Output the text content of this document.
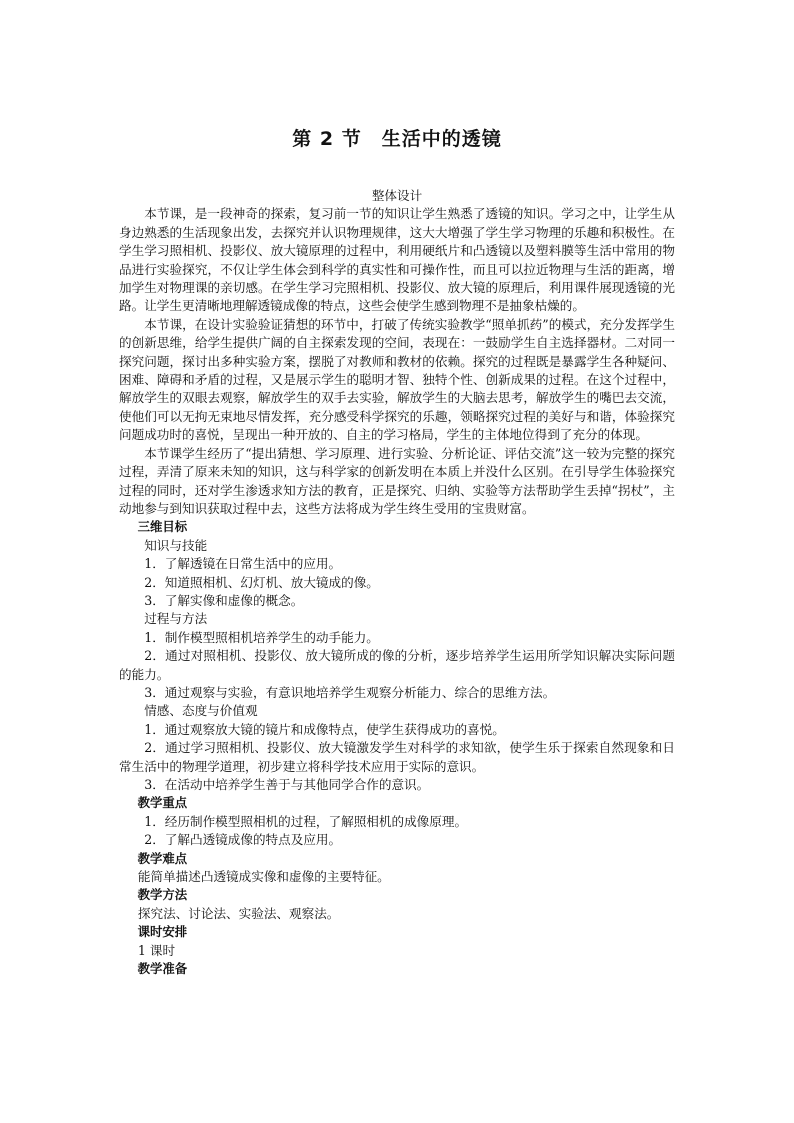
第 2 节　生活中的透镜

整体设计

本节课，是一段神奇的探索，复习前一节的知识让学生熟悉了透镜的知识。学习之中，让学生从身边熟悉的生活现象出发，去探究并认识物理规律，这大大增强了学生学习物理的乐趣和积极性。在学生学习照相机、投影仪、放大镜原理的过程中，利用硬纸片和凸透镜以及塑料膜等生活中常用的物品进行实验探究，不仅让学生体会到科学的真实性和可操作性，而且可以拉近物理与生活的距离，增加学生对物理课的亲切感。在学生学习完照相机、投影仪、放大镜的原理后，利用课件展现透镜的光路。让学生更清晰地理解透镜成像的特点，这些会使学生感到物理不是抽象枯燥的。

本节课，在设计实验验证猜想的环节中，打破了传统实验教学“照单抓药”的模式，充分发挥学生的创新思维，给学生提供广阔的自主探索发现的空间，表现在：一鼓励学生自主选择器材。二对同一探究问题，探讨出多种实验方案，摆脱了对教师和教材的依赖。探究的过程既是暴露学生各种疑问、困难、障碍和矛盾的过程，又是展示学生的聪明才智、独特个性、创新成果的过程。在这个过程中，解放学生的双眼去观察，解放学生的双手去实验，解放学生的大脑去思考，解放学生的嘴巴去交流，使他们可以无拘无束地尽情发挥，充分感受科学探究的乐趣，领略探究过程的美好与和谐，体验探究问题成功时的喜悦，呈现出一种开放的、自主的学习格局，学生的主体地位得到了充分的体现。

本节课学生经历了“提出猜想、学习原理、进行实验、分析论证、评估交流”这一较为完整的探究过程，弄清了原来未知的知识，这与科学家的创新发明在本质上并没什么区别。在引导学生体验探究过程的同时，还对学生渗透求知方法的教育，正是探究、归纳、实验等方法帮助学生丢掉“拐杖”，主动地参与到知识获取过程中去，这些方法将成为学生终生受用的宝贵财富。

三维目标

知识与技能

1．了解透镜在日常生活中的应用。

2．知道照相机、幻灯机、放大镜成的像。

3．了解实像和虚像的概念。

过程与方法

1．制作模型照相机培养学生的动手能力。

2．通过对照相机、投影仪、放大镜所成的像的分析，逐步培养学生运用所学知识解决实际问题的能力。

3．通过观察与实验，有意识地培养学生观察分析能力、综合的思维方法。

情感、态度与价值观

1．通过观察放大镜的镜片和成像特点，使学生获得成功的喜悦。

2．通过学习照相机、投影仪、放大镜激发学生对科学的求知欲，使学生乐于探索自然现象和日常生活中的物理学道理，初步建立将科学技术应用于实际的意识。

3．在活动中培养学生善于与其他同学合作的意识。

教学重点

1．经历制作模型照相机的过程，了解照相机的成像原理。

2．了解凸透镜成像的特点及应用。

教学难点

能简单描述凸透镜成实像和虚像的主要特征。

教学方法

探究法、讨论法、实验法、观察法。

课时安排

1 课时

教学准备
